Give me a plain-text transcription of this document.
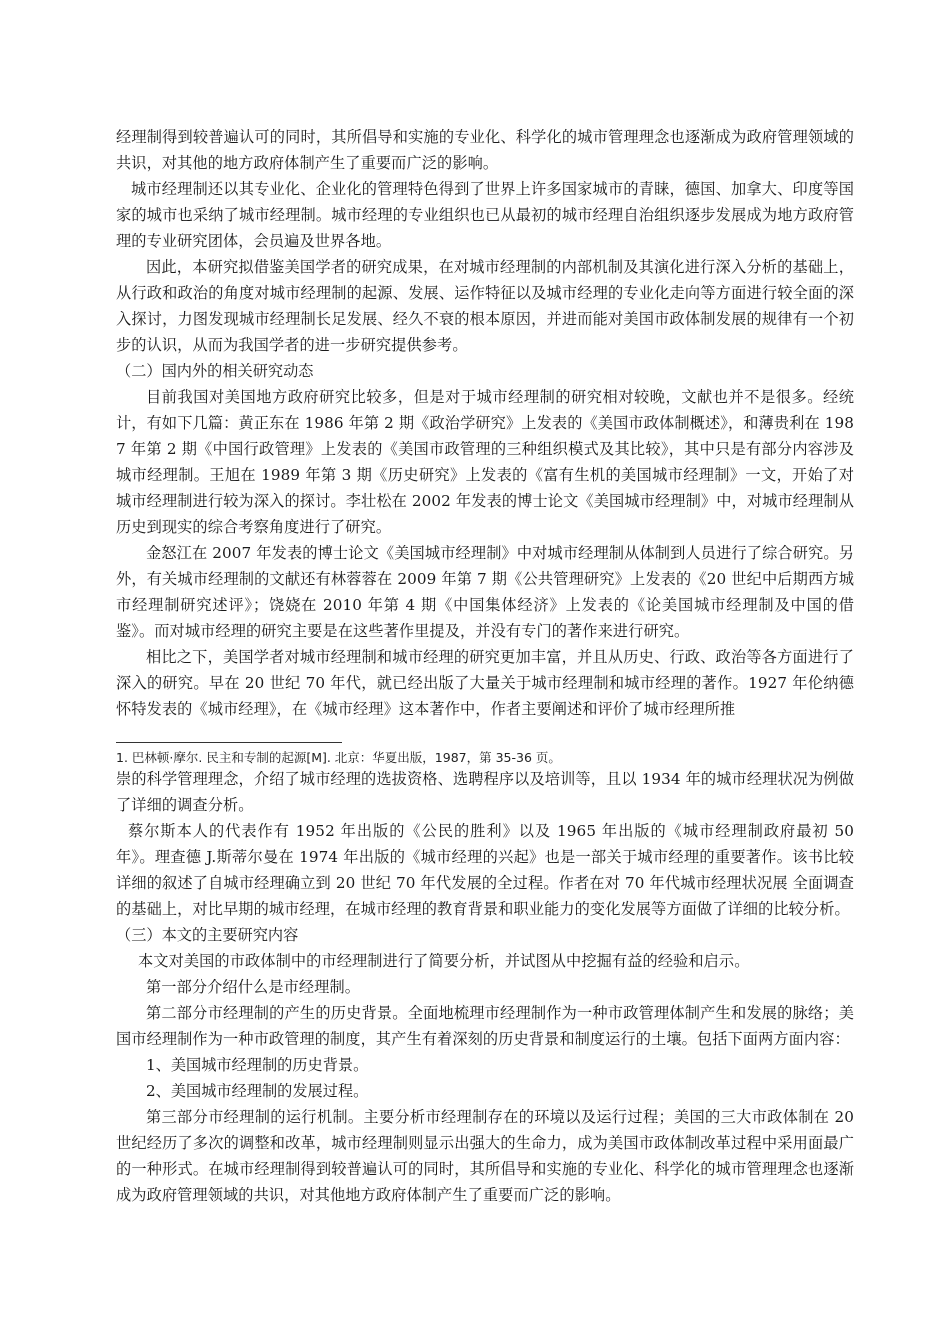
经理制得到较普遍认可的同时，其所倡导和实施的专业化、科学化的城市管理理念也逐渐成为政府管理领域的共识，对其他的地方政府体制产生了重要而广泛的影响。

城市经理制还以其专业化、企业化的管理特色得到了世界上许多国家城市的青睐，德国、加拿大、印度等国家的城市也采纳了城市经理制。城市经理的专业组织也已从最初的城市经理自治组织逐步发展成为地方政府管理的专业研究团体，会员遍及世界各地。

因此，本研究拟借鉴美国学者的研究成果，在对城市经理制的内部机制及其演化进行深入分析的基础上，从行政和政治的角度对城市经理制的起源、发展、运作特征以及城市经理的专业化走向等方面进行较全面的深入探讨，力图发现城市经理制长足发展、经久不衰的根本原因，并进而能对美国市政体制发展的规律有一个初步的认识，从而为我国学者的进一步研究提供参考。

（二）国内外的相关研究动态

目前我国对美国地方政府研究比较多，但是对于城市经理制的研究相对较晚，文献也并不是很多。经统计，有如下几篇：黄正东在 1986 年第 2 期《政治学研究》上发表的《美国市政体制概述》，和薄贵利在 1987 年第 2 期《中国行政管理》上发表的《美国市政管理的三种组织模式及其比较》，其中只是有部分内容涉及城市经理制。王旭在 1989 年第 3 期《历史研究》上发表的《富有生机的美国城市经理制》一文，开始了对城市经理制进行较为深入的探讨。李壮松在 2002 年发表的博士论文《美国城市经理制》中，对城市经理制从历史到现实的综合考察角度进行了研究。

金怒江在 2007 年发表的博士论文《美国城市经理制》中对城市经理制从体制到人员进行了综合研究。另外，有关城市经理制的文献还有林蓉蓉在 2009 年第 7 期《公共管理研究》上发表的《20 世纪中后期西方城市经理制研究述评》；饶娆在 2010 年第 4 期《中国集体经济》上发表的《论美国城市经理制及中国的借鉴》。而对城市经理的研究主要是在这些著作里提及，并没有专门的著作来进行研究。

相比之下，美国学者对城市经理制和城市经理的研究更加丰富，并且从历史、行政、政治等各方面进行了深入的研究。早在 20 世纪 70 年代，就已经出版了大量关于城市经理制和城市经理的著作。1927 年伦纳德怀特发表的《城市经理》，在《城市经理》这本著作中，作者主要阐述和评价了城市经理所推

1. 巴林顿·摩尔. 民主和专制的起源[M]. 北京：华夏出版，1987，第 35-36 页。

崇的科学管理理念，介绍了城市经理的选拔资格、选聘程序以及培训等，且以 1934 年的城市经理状况为例做了详细的调查分析。

蔡尔斯本人的代表作有 1952 年出版的《公民的胜利》以及 1965 年出版的《城市经理制政府最初 50 年》。理查德 J.斯蒂尔曼在 1974 年出版的《城市经理的兴起》也是一部关于城市经理的重要著作。该书比较详细的叙述了自城市经理确立到 20 世纪 70 年代发展的全过程。作者在对 70 年代城市经理状况展 全面调查的基础上，对比早期的城市经理，在城市经理的教育背景和职业能力的变化发展等方面做了详细的比较分析。

（三）本文的主要研究内容

本文对美国的市政体制中的市经理制进行了简要分析，并试图从中挖掘有益的经验和启示。

第一部分介绍什么是市经理制。

第二部分市经理制的产生的历史背景。全面地梳理市经理制作为一种市政管理体制产生和发展的脉络；美国市经理制作为一种市政管理的制度，其产生有着深刻的历史背景和制度运行的土壤。包括下面两方面内容：

1、美国城市经理制的历史背景。

2、美国城市经理制的发展过程。

第三部分市经理制的运行机制。主要分析市经理制存在的环境以及运行过程；美国的三大市政体制在 20 世纪经历了多次的调整和改革，城市经理制则显示出强大的生命力，成为美国市政体制改革过程中采用面最广的一种形式。在城市经理制得到较普遍认可的同时，其所倡导和实施的专业化、科学化的城市管理理念也逐渐成为政府管理领域的共识，对其他地方政府体制产生了重要而广泛的影响。
